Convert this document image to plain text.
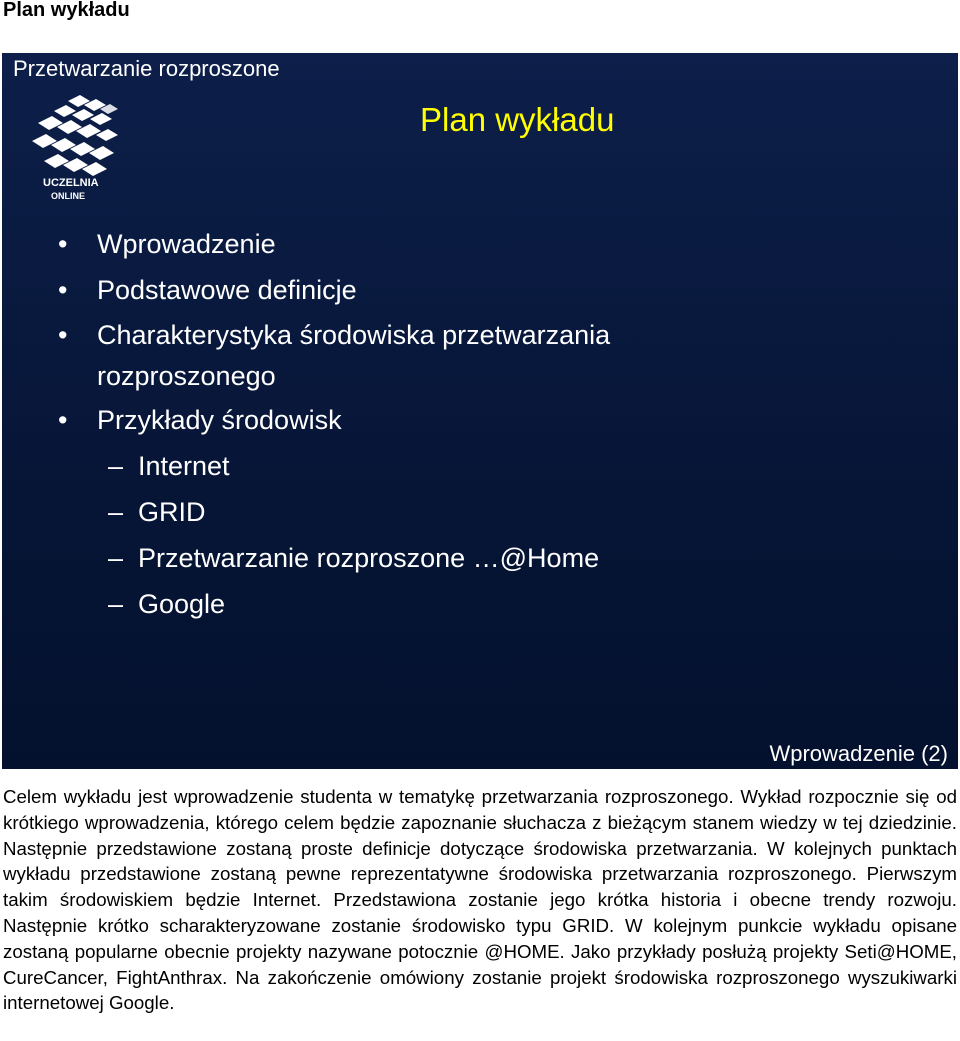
Plan wykładu
Przetwarzanie rozproszone
UCZELNIA
ONLINE
Plan wykładu
• Wprowadzenie
• Podstawowe definicje
• Charakterystyka środowiska przetwarzania
rozproszonego
• Przykłady środowisk
– Internet
– GRID
– Przetwarzanie rozproszone …@Home
– Google
Wprowadzenie (2)
Celem wykładu jest wprowadzenie studenta w tematykę przetwarzania rozproszonego. Wykład rozpocznie się od krótkiego wprowadzenia, którego celem będzie zapoznanie słuchacza z bieżącym stanem wiedzy w tej dziedzinie. Następnie przedstawione zostaną proste definicje dotyczące środowiska przetwarzania. W kolejnych punktach wykładu przedstawione zostaną pewne reprezentatywne środowiska przetwarzania rozproszonego. Pierwszym takim środowiskiem będzie Internet. Przedstawiona zostanie jego krótka historia i obecne trendy rozwoju. Następnie krótko scharakteryzowane zostanie środowisko typu GRID. W kolejnym punkcie wykładu opisane zostaną popularne obecnie projekty nazywane potocznie @HOME. Jako przykłady posłużą projekty Seti@HOME, CureCancer, FightAnthrax. Na zakończenie omówiony zostanie projekt środowiska rozproszonego wyszukiwarki internetowej Google.
